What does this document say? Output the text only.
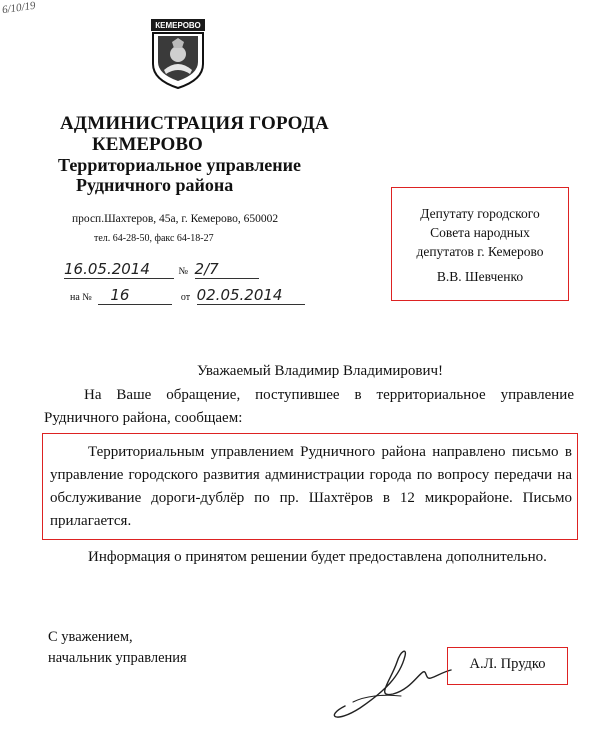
6/10/19
КЕМЕРОВО
АДМИНИСТРАЦИЯ ГОРОДА
КЕМЕРОВО
Территориальное управление
Рудничного района
просп.Шахтеров, 45а, г. Кемерово, 650002
тел. 64-28-50, факс 64-18-27
16.05.2014	№ 2/7
на № 16	от 02.05.2014
Депутату городского
Совета народных
депутатов г. Кемерово
В.В. Шевченко
Уважаемый Владимир Владимирович!
На Ваше обращение, поступившее в территориальное управление Рудничного района, сообщаем:
Территориальным управлением Рудничного района направлено письмо в управление городского развития администрации города по вопросу передачи на обслуживание дороги-дублёр по пр. Шахтёров в 12 микрорайоне. Письмо прилагается.
Информация о принятом решении будет предоставлена дополнительно.
С уважением,
начальник управления	А.Л. Прудко
